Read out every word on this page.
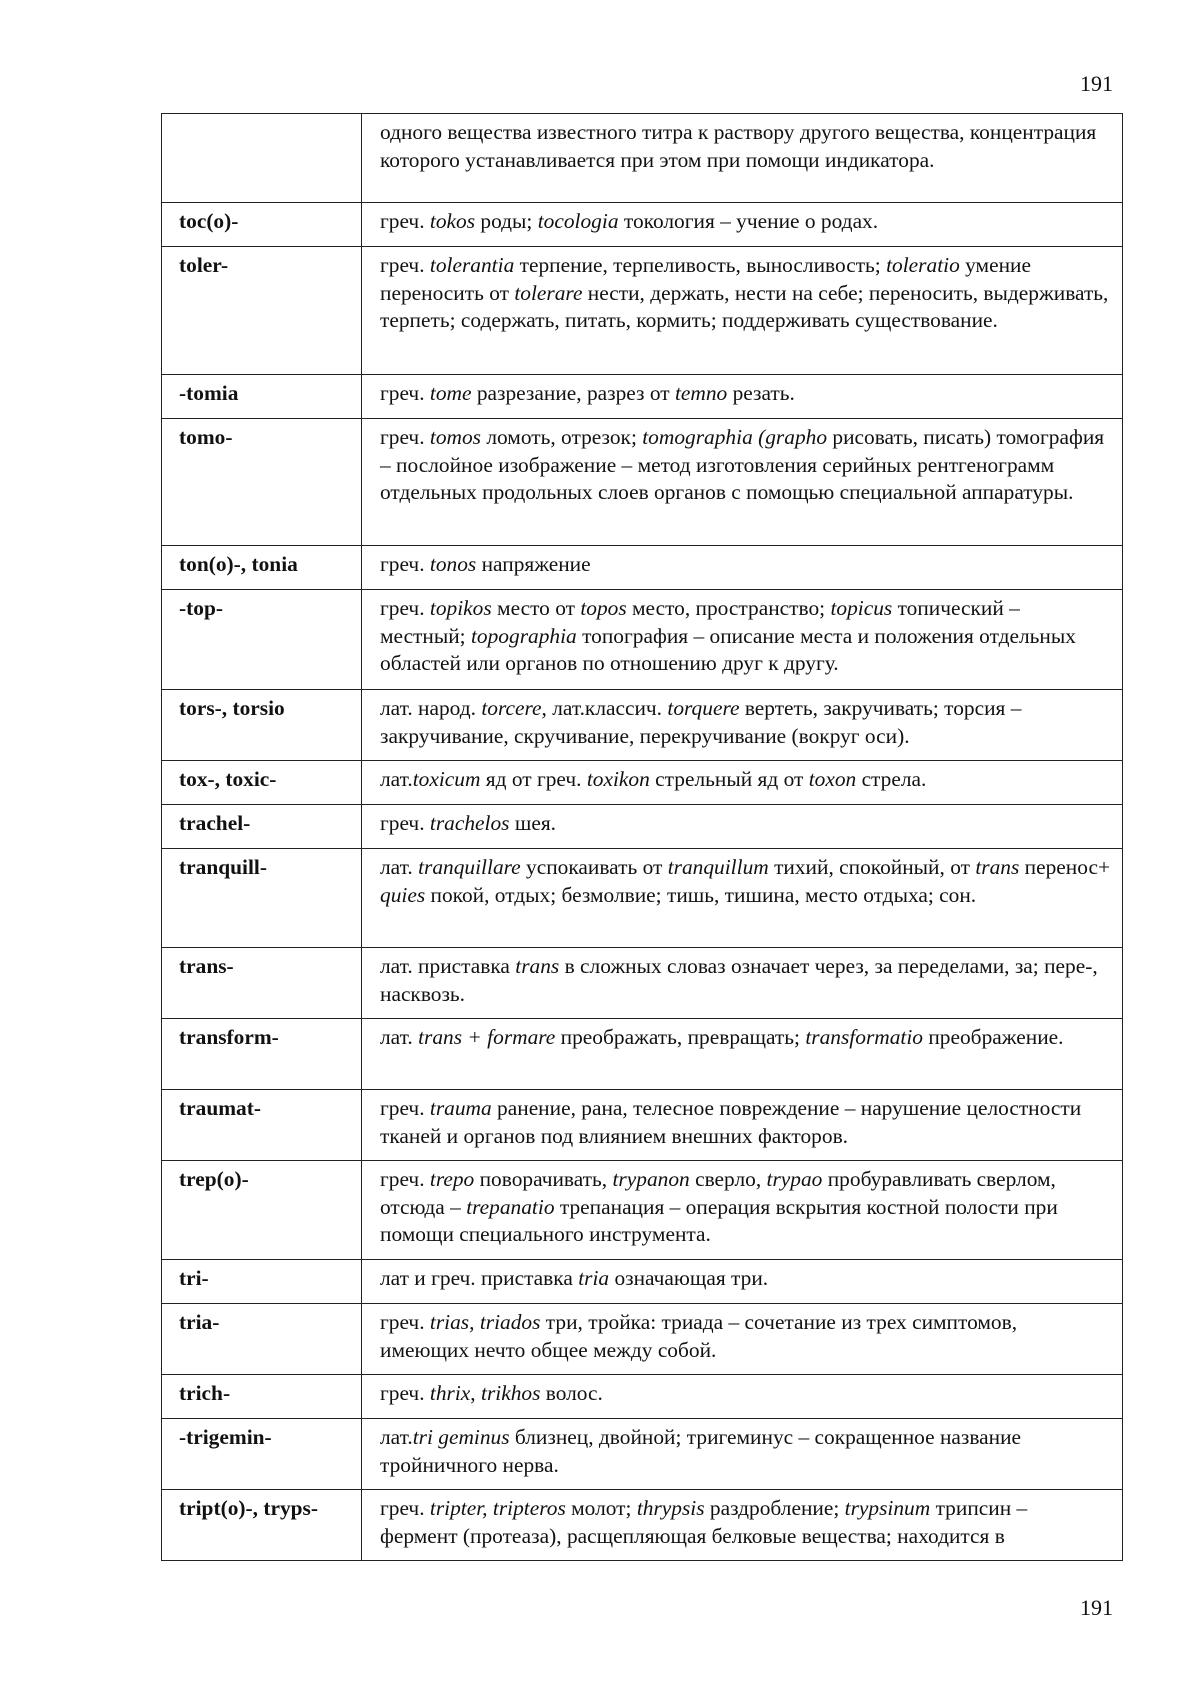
191
	одного вещества известного титра к раствору другого вещества, концентрация которого устанавливается при этом при помощи индикатора.
toc(o)-	греч. tokos роды; tocologia токология – учение о родах.
toler-	греч. tolerantia терпение, терпеливость, выносливость; toleratio умение переносить от tolerare нести, держать, нести на себе; переносить, выдерживать, терпеть; содержать, питать, кормить; поддерживать существование.
-tomia	греч. tome разрезание, разрез от temno резать.
tomo-	греч. tomos ломоть, отрезок; tomographia (grapho рисовать, писать) томография – послойное изображение – метод изготовления серийных рентгенограмм отдельных продольных слоев органов с помощью специальной аппаратуры.
ton(o)-, tonia	греч. tonos напряжение
-top-	греч. topikos место от topos место, пространство; topicus топический – местный; topographia топография – описание места и положения отдельных областей или органов по отношению друг к другу.
tors-, torsio	лат. народ. torcere, лат.классич. torquere вертеть, закручивать; торсия – закручивание, скручивание, перекручивание (вокруг оси).
tox-, toxic-	лат.toxicum яд от греч. toxikon стрельный яд от toxon стрела.
trachel-	греч. trachelos шея.
tranquill-	лат. tranquillare успокаивать от tranquillum тихий, спокойный, от trans перенос+ quies покой, отдых; безмолвие; тишь, тишина, место отдыха; сон.
trans-	лат. приставка trans в сложных словаз означает через, за переделами, за; пере-, насквозь.
transform-	лат. trans + formare преображать, превращать; transformatio преображение.
traumat-	греч. trauma ранение, рана, телесное повреждение – нарушение целостности тканей и органов под влиянием внешних факторов.
trep(o)-	греч. trepo поворачивать, trypanon сверло, trypao пробуравливать сверлом, отсюда – trepanatio трепанация – операция вскрытия костной полости при помощи специального инструмента.
tri-	лат и греч. приставка tria означающая три.
tria-	греч. trias, triados три, тройка: триада – сочетание из трех симптомов, имеющих нечто общее между собой.
trich-	греч. thrix, trikhos волос.
-trigemin-	лат.tri geminus близнец, двойной; тригеминус – сокращенное название тройничного нерва.
tript(o)-, tryps-	греч. tripter, tripteros молот; thrypsis раздробление; trypsinum трипсин – фермент (протеаза), расщепляющая белковые вещества; находится в
191
